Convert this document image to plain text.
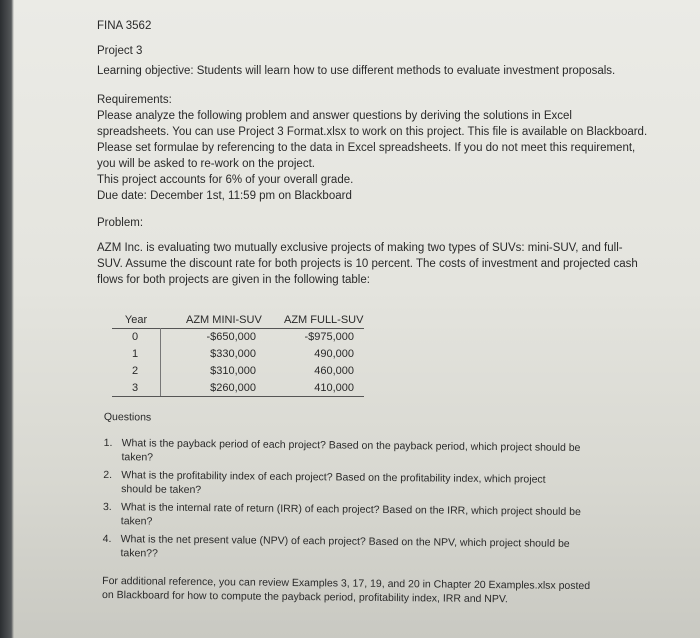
FINA 3562
Project 3
Learning objective: Students will learn how to use different methods to evaluate investment proposals.
Requirements:
Please analyze the following problem and answer questions by deriving the solutions in Excel
spreadsheets. You can use Project 3 Format.xlsx to work on this project. This file is available on Blackboard.
Please set formulae by referencing to the data in Excel spreadsheets. If you do not meet this requirement,
you will be asked to re-work on the project.
This project accounts for 6% of your overall grade.
Due date: December 1st, 11:59 pm on Blackboard
Problem:
AZM Inc. is evaluating two mutually exclusive projects of making two types of SUVs: mini-SUV, and full-
SUV. Assume the discount rate for both projects is 10 percent. The costs of investment and projected cash
flows for both projects are given in the following table:
Year	AZM MINI-SUV	AZM FULL-SUV
0	-$650,000	-$975,000
1	$330,000	490,000
2	$310,000	460,000
3	$260,000	410,000
Questions
1. What is the payback period of each project? Based on the payback period, which project should be
taken?
2. What is the profitability index of each project? Based on the profitability index, which project
should be taken?
3. What is the internal rate of return (IRR) of each project? Based on the IRR, which project should be
taken?
4. What is the net present value (NPV) of each project? Based on the NPV, which project should be
taken??
For additional reference, you can review Examples 3, 17, 19, and 20 in Chapter 20 Examples.xlsx posted
on Blackboard for how to compute the payback period, profitability index, IRR and NPV.
